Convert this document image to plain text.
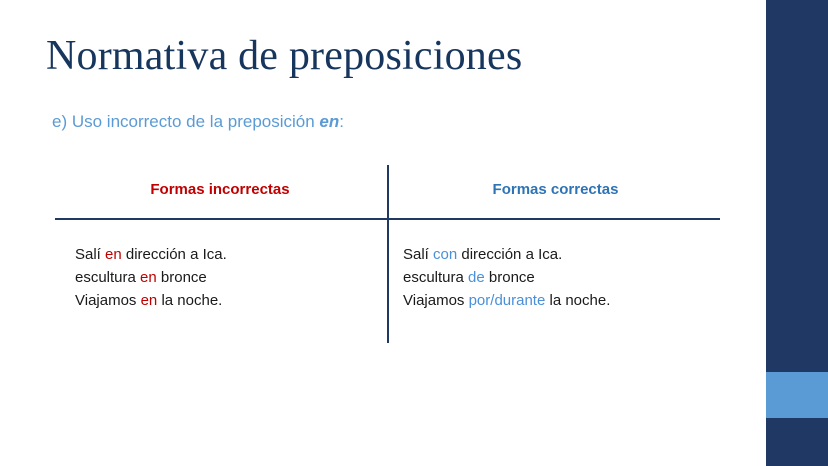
Normativa de preposiciones
e) Uso incorrecto de la preposición en:
Formas incorrectas	Formas correctas
Salí en dirección a Ica.
escultura en bronce
Viajamos en la noche.
Salí con dirección a Ica.
escultura de bronce
Viajamos por/durante la noche.
